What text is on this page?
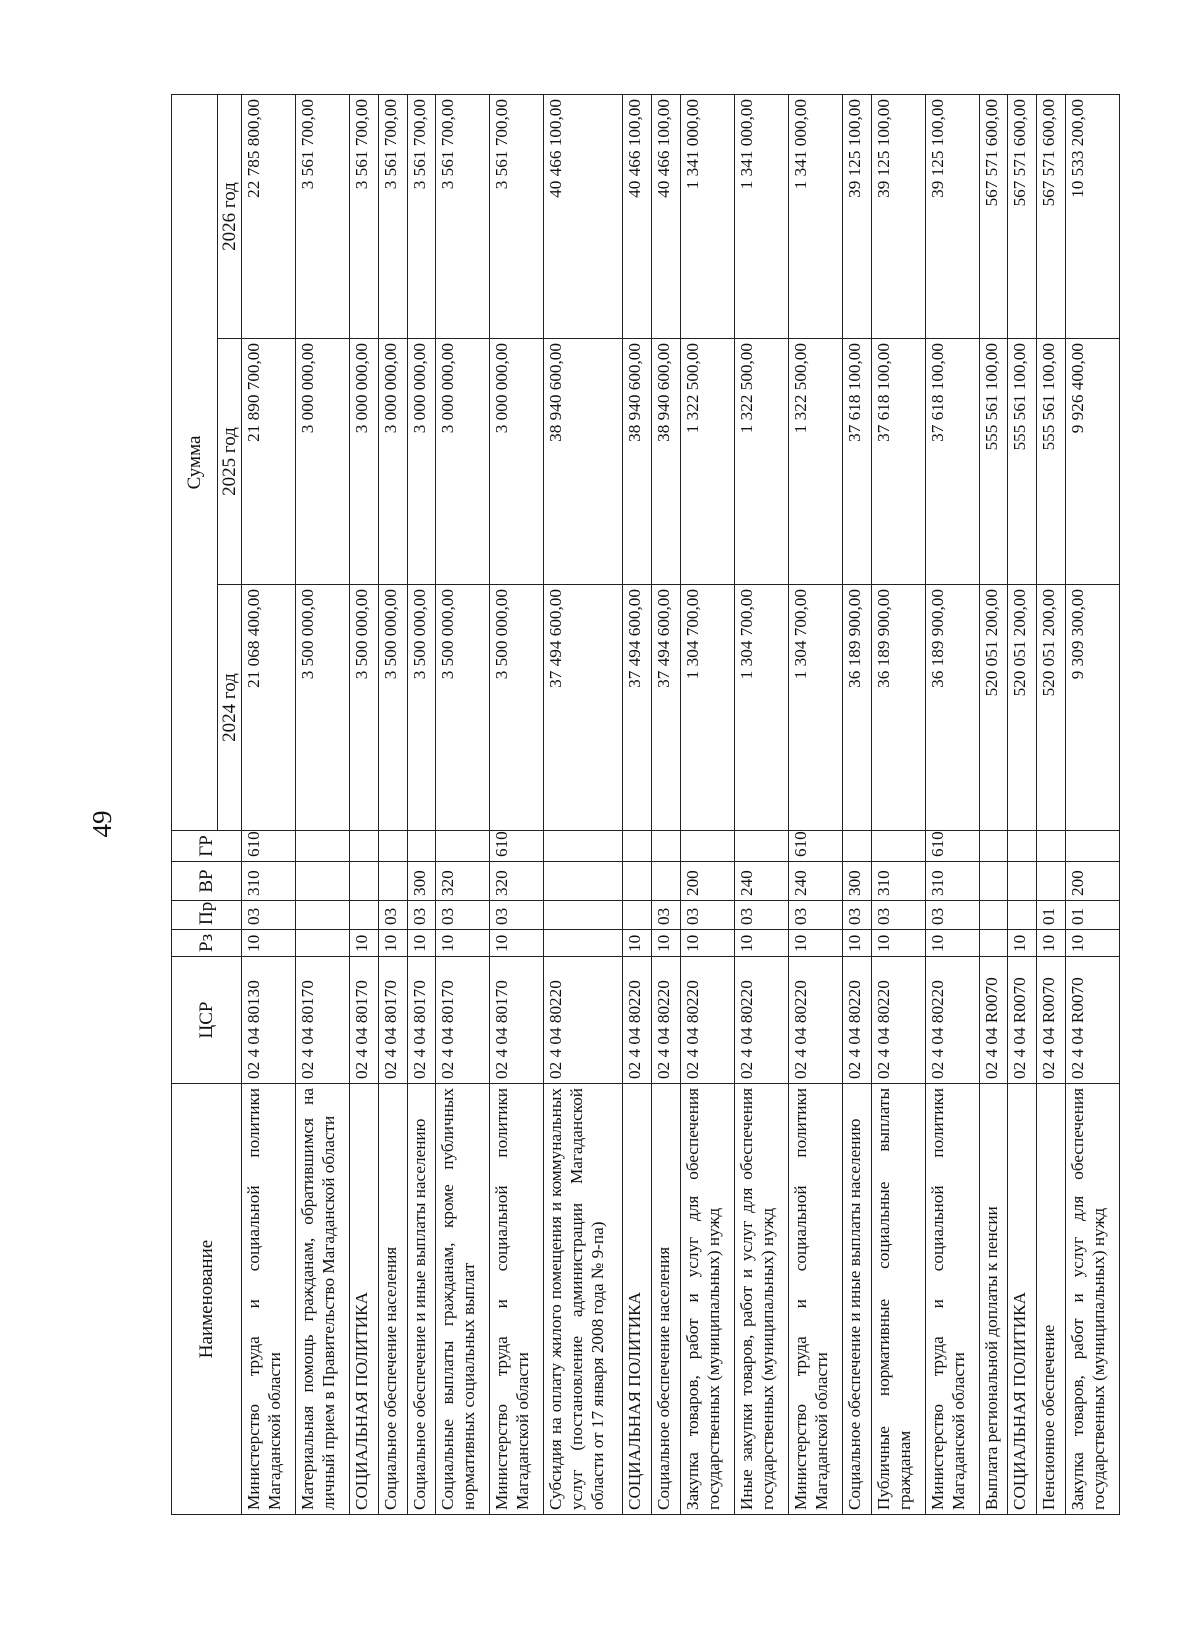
49
Наименование	ЦСР	Рз	Пр	ВР	ГР	Сумма		
						2024 год	2025 год	2026 год
Министерство труда и социальной политики Магаданской области	02 4 04 80130	10	03	310	610	21 068 400,00	21 890 700,00	22 785 800,00
Материальная помощь гражданам, обратившимся на личный прием в Правительство Магаданской области	02 4 04 80170					3 500 000,00	3 000 000,00	3 561 700,00
СОЦИАЛЬНАЯ ПОЛИТИКА	02 4 04 80170	10				3 500 000,00	3 000 000,00	3 561 700,00
Социальное обеспечение населения	02 4 04 80170	10	03			3 500 000,00	3 000 000,00	3 561 700,00
Социальное обеспечение и иные выплаты населению	02 4 04 80170	10	03	300		3 500 000,00	3 000 000,00	3 561 700,00
Социальные выплаты гражданам, кроме публичных нормативных социальных выплат	02 4 04 80170	10	03	320		3 500 000,00	3 000 000,00	3 561 700,00
Министерство труда и социальной политики Магаданской области	02 4 04 80170	10	03	320	610	3 500 000,00	3 000 000,00	3 561 700,00
Субсидия на оплату жилого помещения и коммунальных услуг (постановление администрации Магаданской области от 17 января 2008 года № 9-па)	02 4 04 80220					37 494 600,00	38 940 600,00	40 466 100,00
СОЦИАЛЬНАЯ ПОЛИТИКА	02 4 04 80220	10				37 494 600,00	38 940 600,00	40 466 100,00
Социальное обеспечение населения	02 4 04 80220	10	03			37 494 600,00	38 940 600,00	40 466 100,00
Закупка товаров, работ и услуг для обеспечения государственных (муниципальных) нужд	02 4 04 80220	10	03	200		1 304 700,00	1 322 500,00	1 341 000,00
Иные закупки товаров, работ и услуг для обеспечения государственных (муниципальных) нужд	02 4 04 80220	10	03	240		1 304 700,00	1 322 500,00	1 341 000,00
Министерство труда и социальной политики Магаданской области	02 4 04 80220	10	03	240	610	1 304 700,00	1 322 500,00	1 341 000,00
Социальное обеспечение и иные выплаты населению	02 4 04 80220	10	03	300		36 189 900,00	37 618 100,00	39 125 100,00
Публичные нормативные социальные выплаты гражданам	02 4 04 80220	10	03	310		36 189 900,00	37 618 100,00	39 125 100,00
Министерство труда и социальной политики Магаданской области	02 4 04 80220	10	03	310	610	36 189 900,00	37 618 100,00	39 125 100,00
Выплата региональной доплаты к пенсии	02 4 04 R0070					520 051 200,00	555 561 100,00	567 571 600,00
СОЦИАЛЬНАЯ ПОЛИТИКА	02 4 04 R0070	10				520 051 200,00	555 561 100,00	567 571 600,00
Пенсионное обеспечение	02 4 04 R0070	10	01			520 051 200,00	555 561 100,00	567 571 600,00
Закупка товаров, работ и услуг для обеспечения государственных (муниципальных) нужд	02 4 04 R0070	10	01	200		9 309 300,00	9 926 400,00	10 533 200,00
